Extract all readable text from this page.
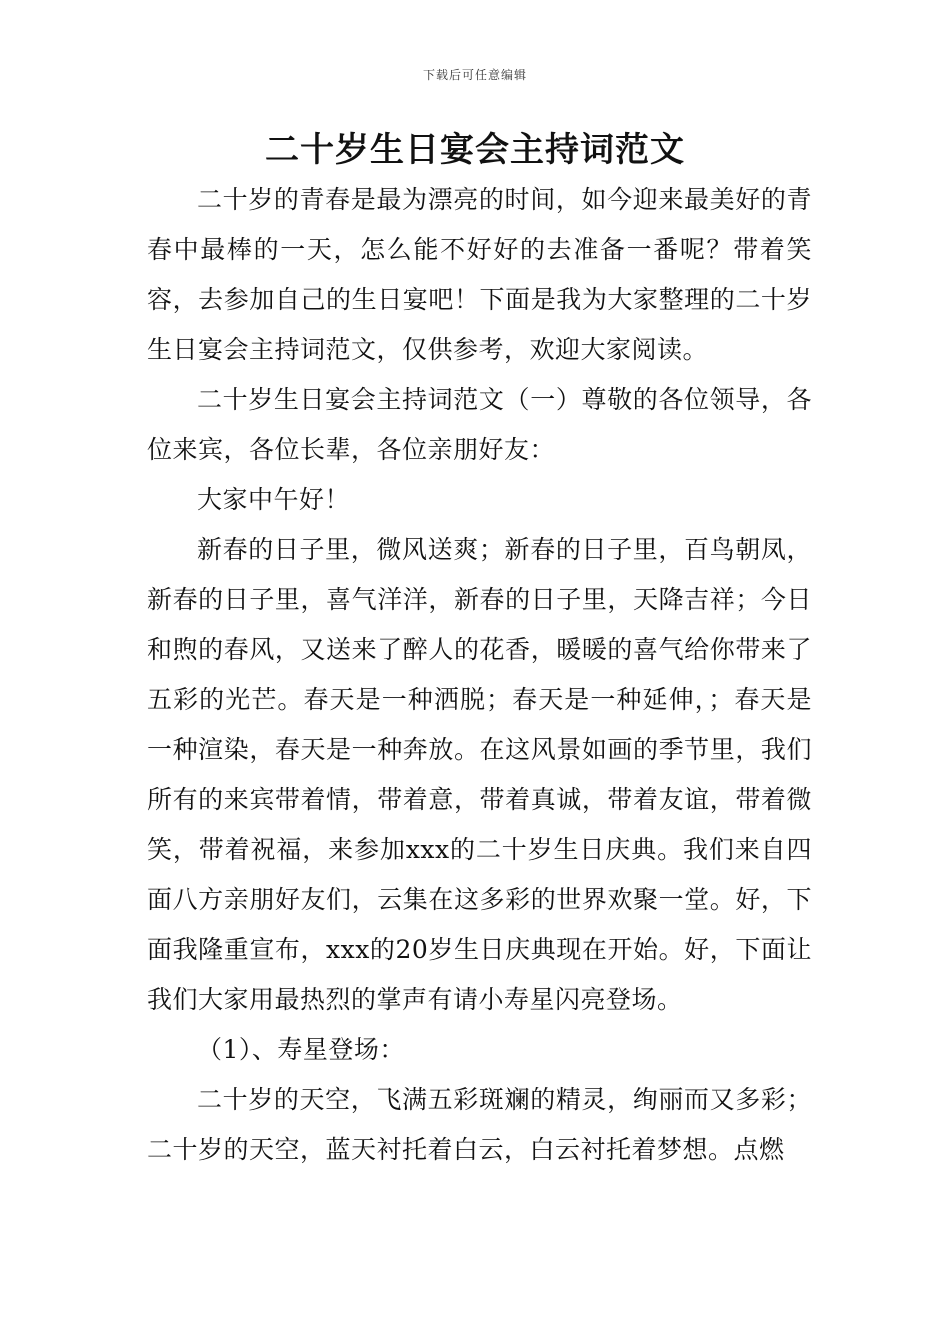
下载后可任意编辑
二十岁生日宴会主持词范文

二十岁的青春是最为漂亮的时间，如今迎来最美好的青春中最棒的一天，怎么能不好好的去准备一番呢？带着笑容，去参加自己的生日宴吧！下面是我为大家整理的二十岁生日宴会主持词范文，仅供参考，欢迎大家阅读。

二十岁生日宴会主持词范文（一）尊敬的各位领导，各位来宾，各位长辈，各位亲朋好友：

大家中午好！

新春的日子里，微风送爽；新春的日子里，百鸟朝凤，新春的日子里，喜气洋洋，新春的日子里，天降吉祥；今日和煦的春风，又送来了醉人的花香，暖暖的喜气给你带来了五彩的光芒。春天是一种洒脱；春天是一种延伸，；春天是一种渲染，春天是一种奔放。在这风景如画的季节里，我们所有的来宾带着情，带着意，带着真诚，带着友谊，带着微笑，带着祝福，来参加xxx的二十岁生日庆典。我们来自四面八方亲朋好友们，云集在这多彩的世界欢聚一堂。好，下面我隆重宣布，xxx的20岁生日庆典现在开始。好，下面让我们大家用最热烈的掌声有请小寿星闪亮登场。

（1）、寿星登场：

二十岁的天空，飞满五彩斑斓的精灵，绚丽而又多彩；二十岁的天空，蓝天衬托着白云，白云衬托着梦想。点燃
